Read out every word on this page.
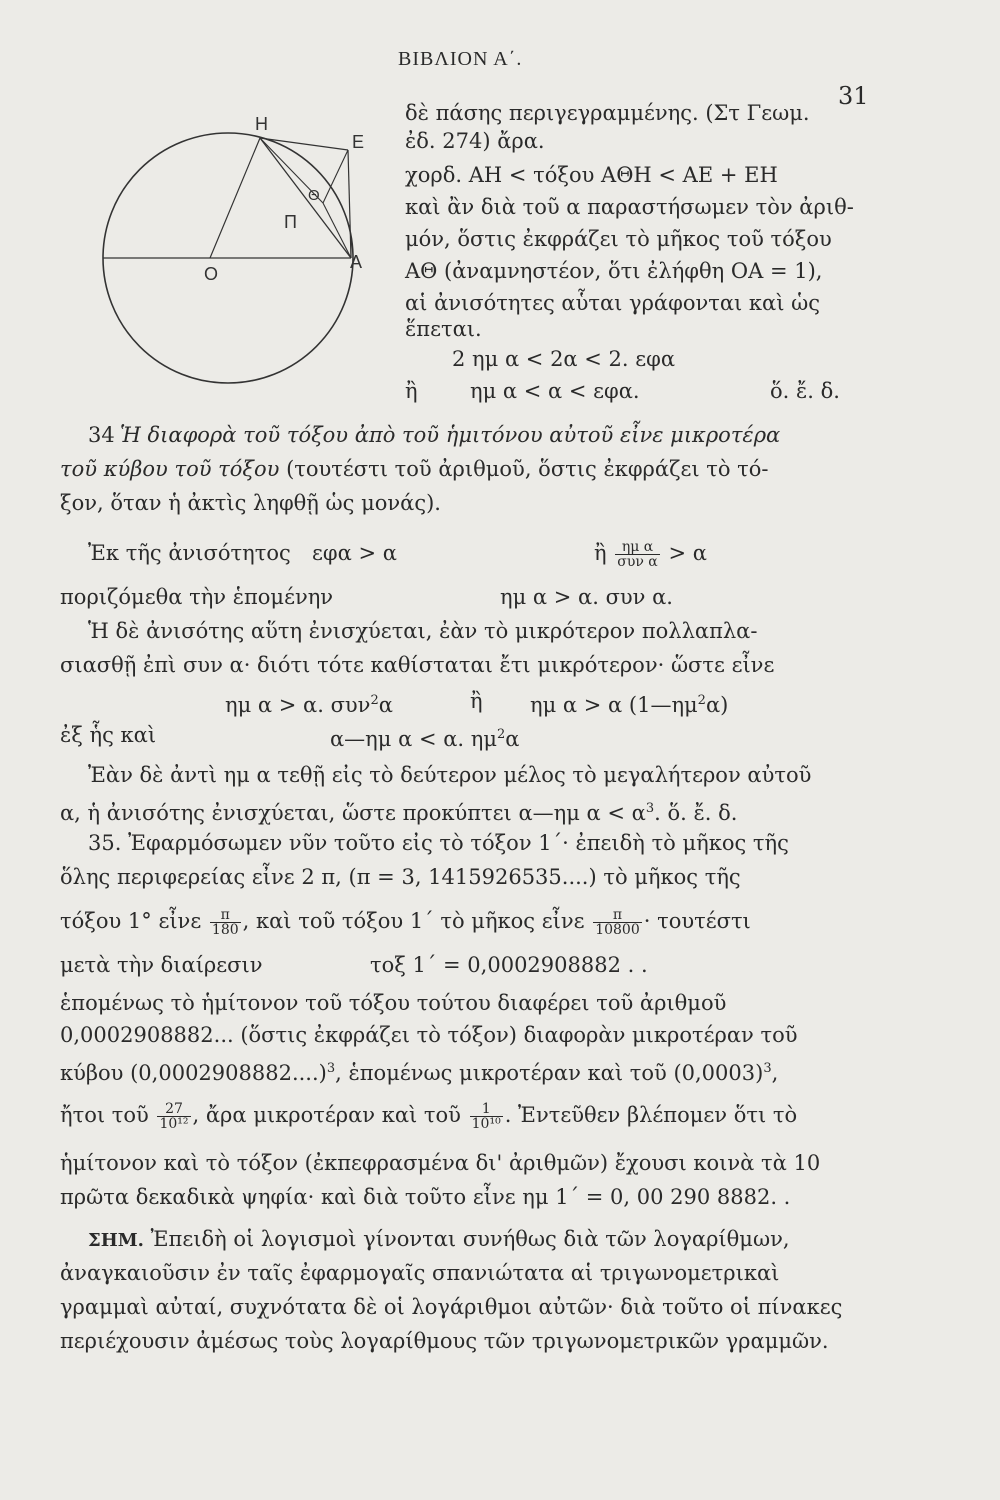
ΒΙΒΛΙΟΝ Α΄.
31
Η
Ε
Θ
Π
Ο
Α
δὲ πάσης περιγεγραμμένης. (Στ Γεωμ.
ἐδ. 274) ἄρα.
χορδ. ΑΗ < τόξου ΑΘΗ < ΑΕ + ΕΗ
καὶ ἂν διὰ τοῦ α παραστήσωμεν τὸν ἀριθ-
μόν, ὅστις ἐκφράζει τὸ μῆκος τοῦ τόξου
ΑΘ (ἀναμνηστέον, ὅτι ἐλήφθη ΟΑ = 1),
αἱ ἀνισότητες αὗται γράφονται καὶ ὡς
ἕπεται.
2 ημ α < 2α < 2. εφα
ἢ ημ α < α < εφα.	ὅ. ἔ. δ.
34 Ἡ διαφορὰ τοῦ τόξου ἀπὸ τοῦ ἡμιτόνου αὐτοῦ εἶνε μικροτέρα
τοῦ κύβου τοῦ τόξου (τουτέστι τοῦ ἀριθμοῦ, ὅστις ἐκφράζει τὸ τό-
ξον, ὅταν ἡ ἀκτὶς ληφθῇ ὡς μονάς).
Ἐκ τῆς ἀνισότητος εφα > α	ἢ $\frac{\text{ημ α}}{\text{συν α}} > \alpha$
ποριζόμεθα τὴν ἑπομένην	ημ α > α. συν α.
Ἡ δὲ ἀνισότης αὕτη ἐνισχύεται, ἐὰν τὸ μικρότερον πολλαπλα-
σιασθῇ ἐπὶ συν α· διότι τότε καθίσταται ἔτι μικρότερον· ὥστε εἶνε
ημ α > α. συν$^2$α	ἢ ημ α > α $(1—\eta\mu^2\alpha)$
ἐξ ἧς καὶ	α—ημ α < α. $\eta\mu^2\alpha$
Ἐὰν δὲ ἀντὶ ημ α τεθῇ εἰς τὸ δεύτερον μέλος τὸ μεγαλήτερον αὐτοῦ
α, ἡ ἀνισότης ἐνισχύεται, ὥστε προκύπτει α—ημ $\alpha < \alpha^3$. ὅ. ἔ. δ.
35. Ἐφαρμόσωμεν νῦν τοῦτο εἰς τὸ τόξον 1΄· ἐπειδὴ τὸ μῆκος τῆς
ὅλης περιφερείας εἶνε 2 π, (π = 3, 1415926535....) τὸ μῆκος τῆς
τόξου 1° εἶνε $\frac{\pi}{180}$ , καὶ τοῦ τόξου 1΄ τὸ μῆκος εἶνε $\frac{\pi}{10800} \cdot \tau o\upsilon\tau έ\sigma\tau\iota$
μετὰ τὴν διαίρεσιν	τοξ 1΄ = 0,0002908882 . .
ἑπομένως τὸ ἡμίτονον τοῦ τόξου τούτου διαφέρει τοῦ ἀριθμοῦ
0,0002908882... (ὅστις ἐκφράζει τὸ τόξον) διαφορὰν μικροτέραν τοῦ
κύβου $(0,0002908882....)^3$, ἑπομένως μικροτέραν καὶ τοῦ $(0,0003)^3$,
ἤτοι τοῦ $\frac{27}{\text{10¹²}}$ , ἄρα μικροτέραν καὶ τοῦ $\frac{1}{\text{10¹⁰}}$ . Ἐντεῦθεν βλέπομεν ὅτι τὸ
ἡμίτονον καὶ τὸ τόξον (ἐκπεφρασμένα δι' ἀριθμῶν) ἔχουσι κοινὰ τὰ 10
πρῶτα δεκαδικὰ ψηφία· καὶ διὰ τοῦτο εἶνε ημ 1΄ = 0, 00 290 8882. .
ΣΗΜ. Ἐπειδὴ οἱ λογισμοὶ γίνονται συνήθως διὰ τῶν λογαρίθμων,
ἀναγκαιοῦσιν ἐν ταῖς ἐφαρμογαῖς σπανιώτατα αἱ τριγωνομετρικαὶ
γραμμαὶ αὐταί, συχνότατα δὲ οἱ λογάριθμοι αὐτῶν· διὰ τοῦτο οἱ πίνακες
περιέχουσιν ἀμέσως τοὺς λογαρίθμους τῶν τριγωνομετρικῶν γραμμῶν.
